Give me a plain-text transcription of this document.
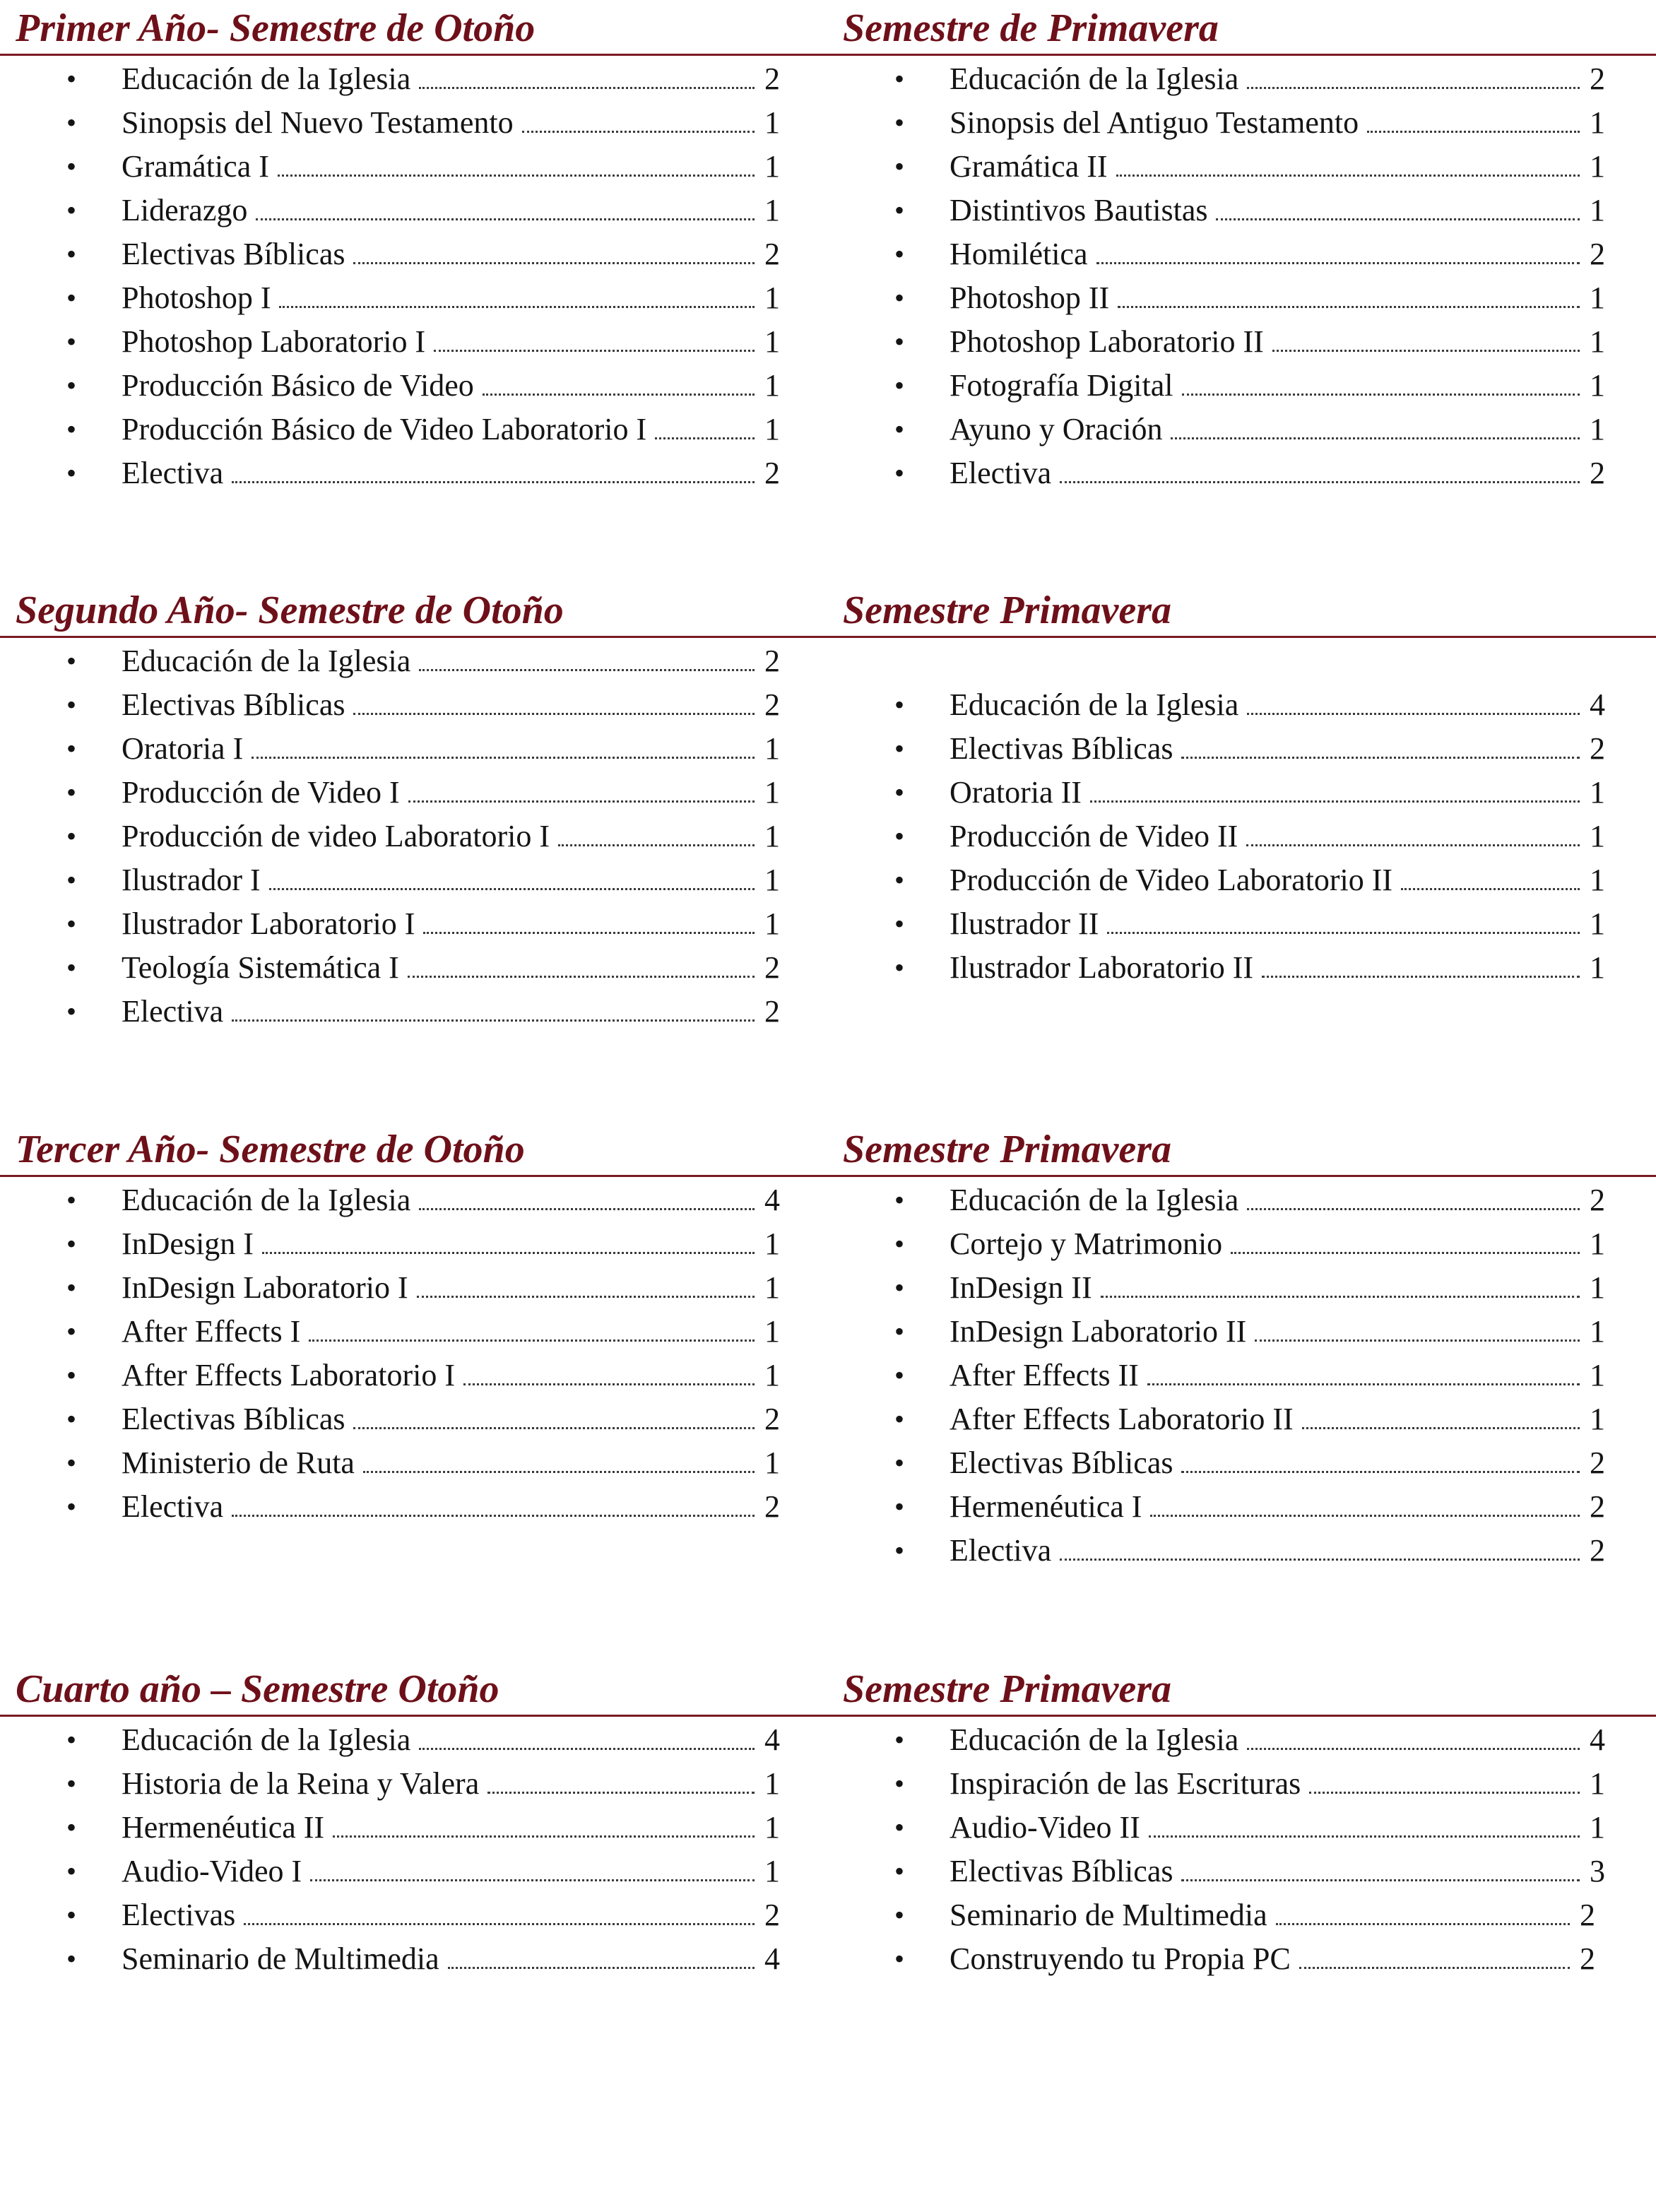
Primer Año- Semestre de Otoño	Semestre de Primavera
• Educación de la Iglesia	2
• Sinopsis del Nuevo Testamento	1
• Gramática I	1
• Liderazgo	1
• Electivas Bíblicas	2
• Photoshop I	1
• Photoshop Laboratorio I	1
• Producción Básico de Video	1
• Producción Básico de Video Laboratorio I	1
• Electiva	2
• Educación de la Iglesia	2
• Sinopsis del Antiguo Testamento	1
• Gramática II	1
• Distintivos Bautistas	1
• Homilética	2
• Photoshop II	1
• Photoshop Laboratorio II	1
• Fotografía Digital	1
• Ayuno y Oración	1
• Electiva	2
Segundo Año- Semestre de Otoño	Semestre Primavera
• Educación de la Iglesia	2
• Electivas Bíblicas	2
• Oratoria I	1
• Producción de Video I	1
• Producción de video Laboratorio I	1
• Ilustrador I	1
• Ilustrador Laboratorio I	1
• Teología Sistemática I	2
• Electiva	2
• Educación de la Iglesia	4
• Electivas Bíblicas	2
• Oratoria II	1
• Producción de Video II	1
• Producción de Video Laboratorio II	1
• Ilustrador II	1
• Ilustrador Laboratorio II	1
Tercer Año- Semestre de Otoño	Semestre Primavera
• Educación de la Iglesia	4
• InDesign I	1
• InDesign Laboratorio I	1
• After Effects I	1
• After Effects Laboratorio I	1
• Electivas Bíblicas	2
• Ministerio de Ruta	1
• Electiva	2
• Educación de la Iglesia	2
• Cortejo y Matrimonio	1
• InDesign II	1
• InDesign Laboratorio II	1
• After Effects II	1
• After Effects Laboratorio II	1
• Electivas Bíblicas	2
• Hermenéutica I	2
• Electiva	2
Cuarto año – Semestre Otoño	Semestre Primavera
• Educación de la Iglesia	4
• Historia de la Reina y Valera	1
• Hermenéutica II	1
• Audio-Video I	1
• Electivas	2
• Seminario de Multimedia	4
• Educación de la Iglesia	4
• Inspiración de las Escrituras	1
• Audio-Video II	1
• Electivas Bíblicas	3
• Seminario de Multimedia	2
• Construyendo tu Propia PC	2
